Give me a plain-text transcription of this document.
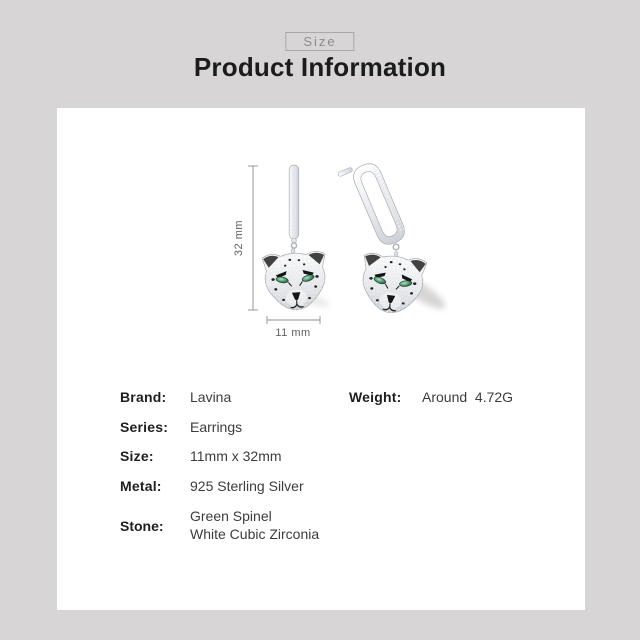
Size
Product Information
32 mm
11 mm
Brand: Lavina	Weight: Around  4.72G
Series: Earrings
Size:	11mm x 32mm
Metal: 925 Sterling Silver
Stone:
Green Spinel
White Cubic Zirconia
